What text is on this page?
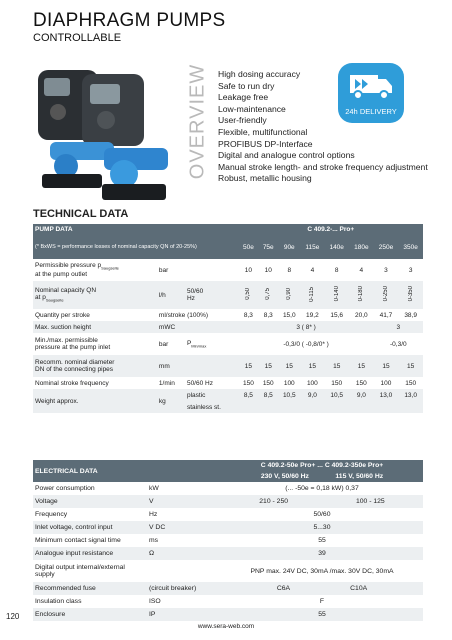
DIAPHRAGM PUMPS
CONTROLLABLE
OVERVIEW High dosing accuracy
Safe to run dry
Leakage free
Low-maintenance
User-friendly
Flexible, multifunctional
PROFIBUS DP-Interface
Digital and analogue control options
Manual stroke length- and stroke frequency adjustment
Robust, metallic housing
24h DELIVERY
TECHNICAL DATA
PUMP DATA			C 409.2-... Pro+							
(* BxWS = performance losses of nominal capacity QN of 20-25%)			50e	75e	90e	115e	140e	180e	250e	350e
Permissible pressure $p_{Saugseite}$
at the pump outlet	bar		10	10	8	4	8	4	3	3
Nominal capacity QN
at $p_{Saugseite}$	l/h	50/60
Hz	0,50	0,75	0,90	0-115	0-140	0-180	0-250	0-350
Quantity per stroke	ml/stroke (100%)		8,3	8,3	15,0	19,2	15,6	20,0	41,7	38,9
Max. suction height	mWC		3 ( 8* )						3	
Min./max. permissible
pressure at the pump inlet	bar	$P_{Min/max}$	-0,3/0 ( -0,8/0* )						-0,3/0	
Recomm. nominal diameter
DN of the connecting pipes	mm		15	15	15	15	15	15	15	15
Nominal stroke frequency	1/min	50/60 Hz	150	150	100	100	150	150	100	150
Weight approx.	kg	plastic	8,5	8,5	10,5	9,0	10,5	9,0	13,0	13,0
		stainless st.								
ELECTRICAL DATA		C 409.2-50e Pro+ ... C 409.2-350e Pro+
		230 V, 50/60 Hz 115 V, 50/60 Hz
Power consumption	kW	(... -50e = 0,18 kW) 0,37
Voltage	V	210 - 250                                    100 - 125
Frequency	Hz	50/60
Inlet voltage, control input	V DC	5...30
Minimum contact signal time	ms	55
Analogue input resistance	Ω	39
Digital output internal/external supply		PNP max. 24V DC, 30mA /max. 30V DC, 30mA
Recommended fuse	(circuit breaker)	C6A                                C10A
Insulation class	ISO	F
Enclosure	IP	55
120
www.sera-web.com
